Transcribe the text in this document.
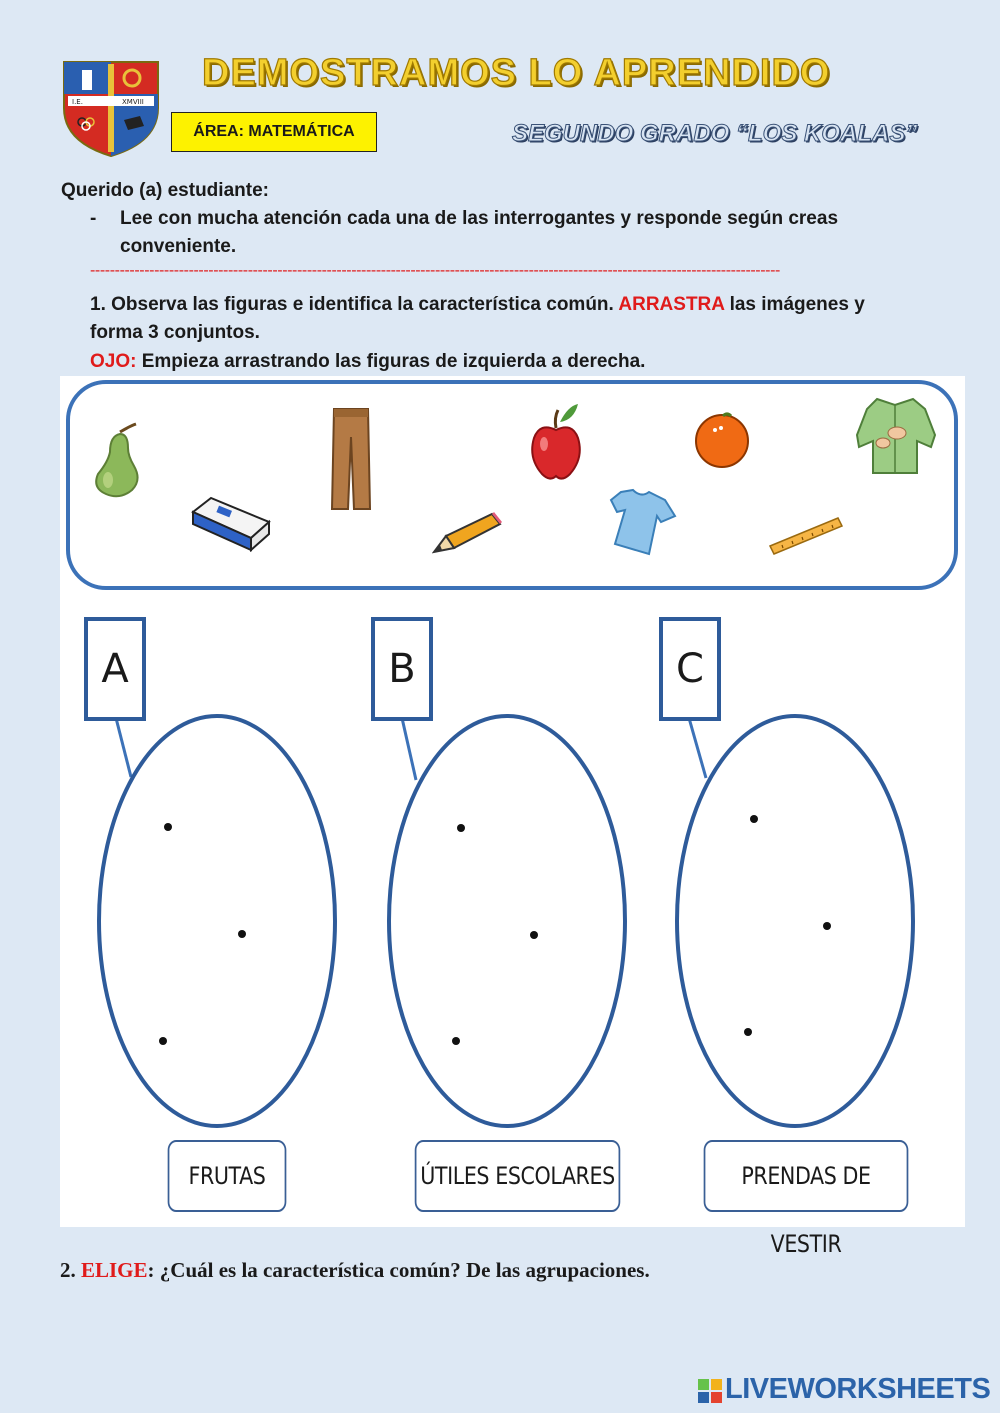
I.E.	XMVIII
DEMOSTRAMOS LO APRENDIDO
ÁREA: MATEMÁTICA	SEGUNDO GRADO “LOS KOALAS”
Querido (a) estudiante:
- Lee con mucha atención cada una de las interrogantes y responde según creas
conveniente.
--------------------------------------------------------------------------------------------------------------------------------------------
1. Observa las figuras e identifica la característica común. ARRASTRA las imágenes y
forma 3 conjuntos.
OJO: Empieza arrastrando las figuras de izquierda a derecha.
A	B	C
FRUTAS	ÚTILES ESCOLARES	PRENDAS DE VESTIR
2. ELIGE: ¿Cuál es la característica común? De las agrupaciones.
LIVEWORKSHEETS
